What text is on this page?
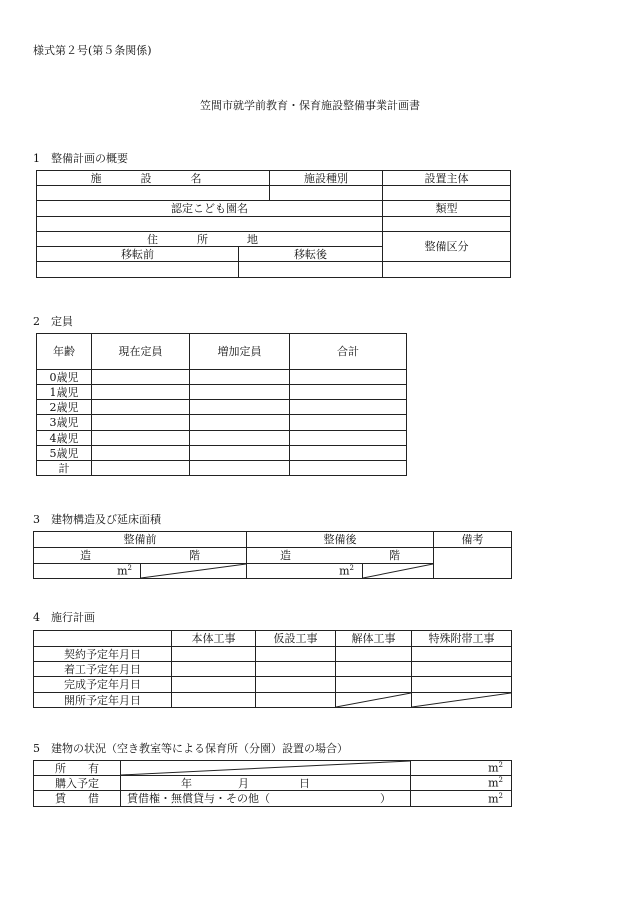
様式第２号(第５条関係)
笠間市就学前教育・保育施設整備事業計画書
1　整備計画の概要
施　設　名		施設種別	設置主体

認定こども園名			類型

住　所　地			整備区分
移転前	移転後		

2　定員
年齢	現在定員	増加定員	合計
0歳児			
1歳児			
2歳児			
3歳児			
4歳児			
5歳児			
計			
3　建物構造及び延床面積
整備前		整備後		備考
造 階		造 階		
$m^2$		$m^2$	
4　施行計画
	本体工事	仮設工事	解体工事	特殊附帯工事
契約予定年月日				
着工予定年月日				
完成予定年月日				
開所予定年月日			

5　建物の状況（空き教室等による保育所（分園）設置の場合）
所　　有		$m^2$
購入予定	年 月 日	$m^2$
賃　　借	賃借権・無償貸与・その他（ ）	$m^2$
